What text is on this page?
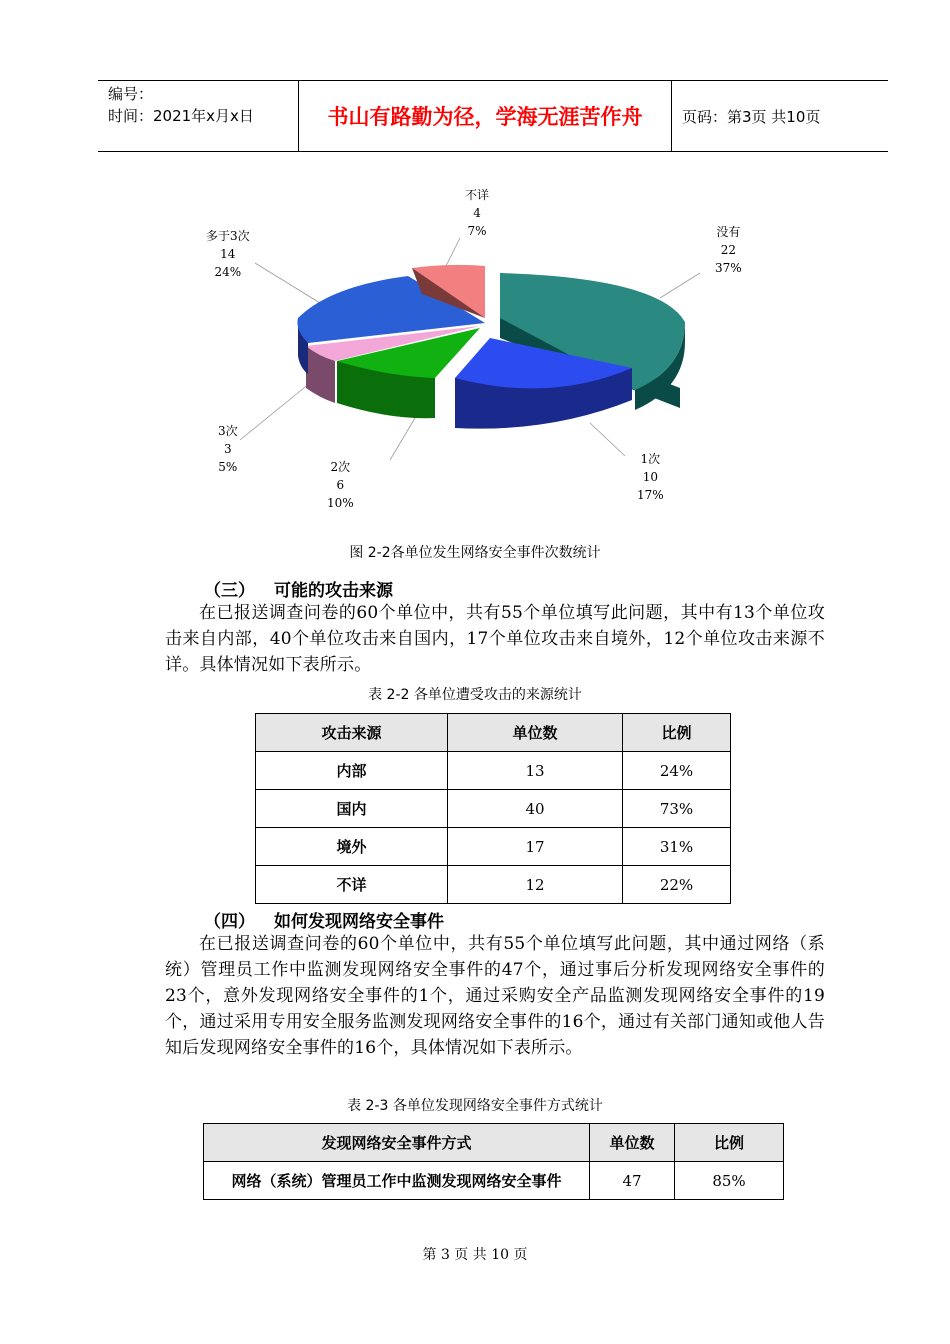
编号：
时间：2021年x月x日	书山有路勤为径，学海无涯苦作舟	页码：第3页 共10页
没有
22
37%
1次
10
17%
2次
6
10%
3次
3
5%
多于3次
14
24%
不详
4
7%
图 2-2各单位发生网络安全事件次数统计
（三） 可能的攻击来源
在已报送调查问卷的60个单位中，共有55个单位填写此问题，其中有13个单位攻击来自内部，40个单位攻击来自国内，17个单位攻击来自境外，12个单位攻击来源不详。具体情况如下表所示。
表 2-2 各单位遭受攻击的来源统计
攻击来源	单位数	比例
内部	13	24%
国内	40	73%
境外	17	31%
不详	12	22%
（四） 如何发现网络安全事件
在已报送调查问卷的60个单位中，共有55个单位填写此问题，其中通过网络（系统）管理员工作中监测发现网络安全事件的47个，通过事后分析发现网络安全事件的23个，意外发现网络安全事件的1个，通过采购安全产品监测发现网络安全事件的19个，通过采用专用安全服务监测发现网络安全事件的16个，通过有关部门通知或他人告知后发现网络安全事件的16个，具体情况如下表所示。
表 2-3 各单位发现网络安全事件方式统计
发现网络安全事件方式	单位数	比例
网络（系统）管理员工作中监测发现网络安全事件	47	85%
第 3 页 共 10 页
